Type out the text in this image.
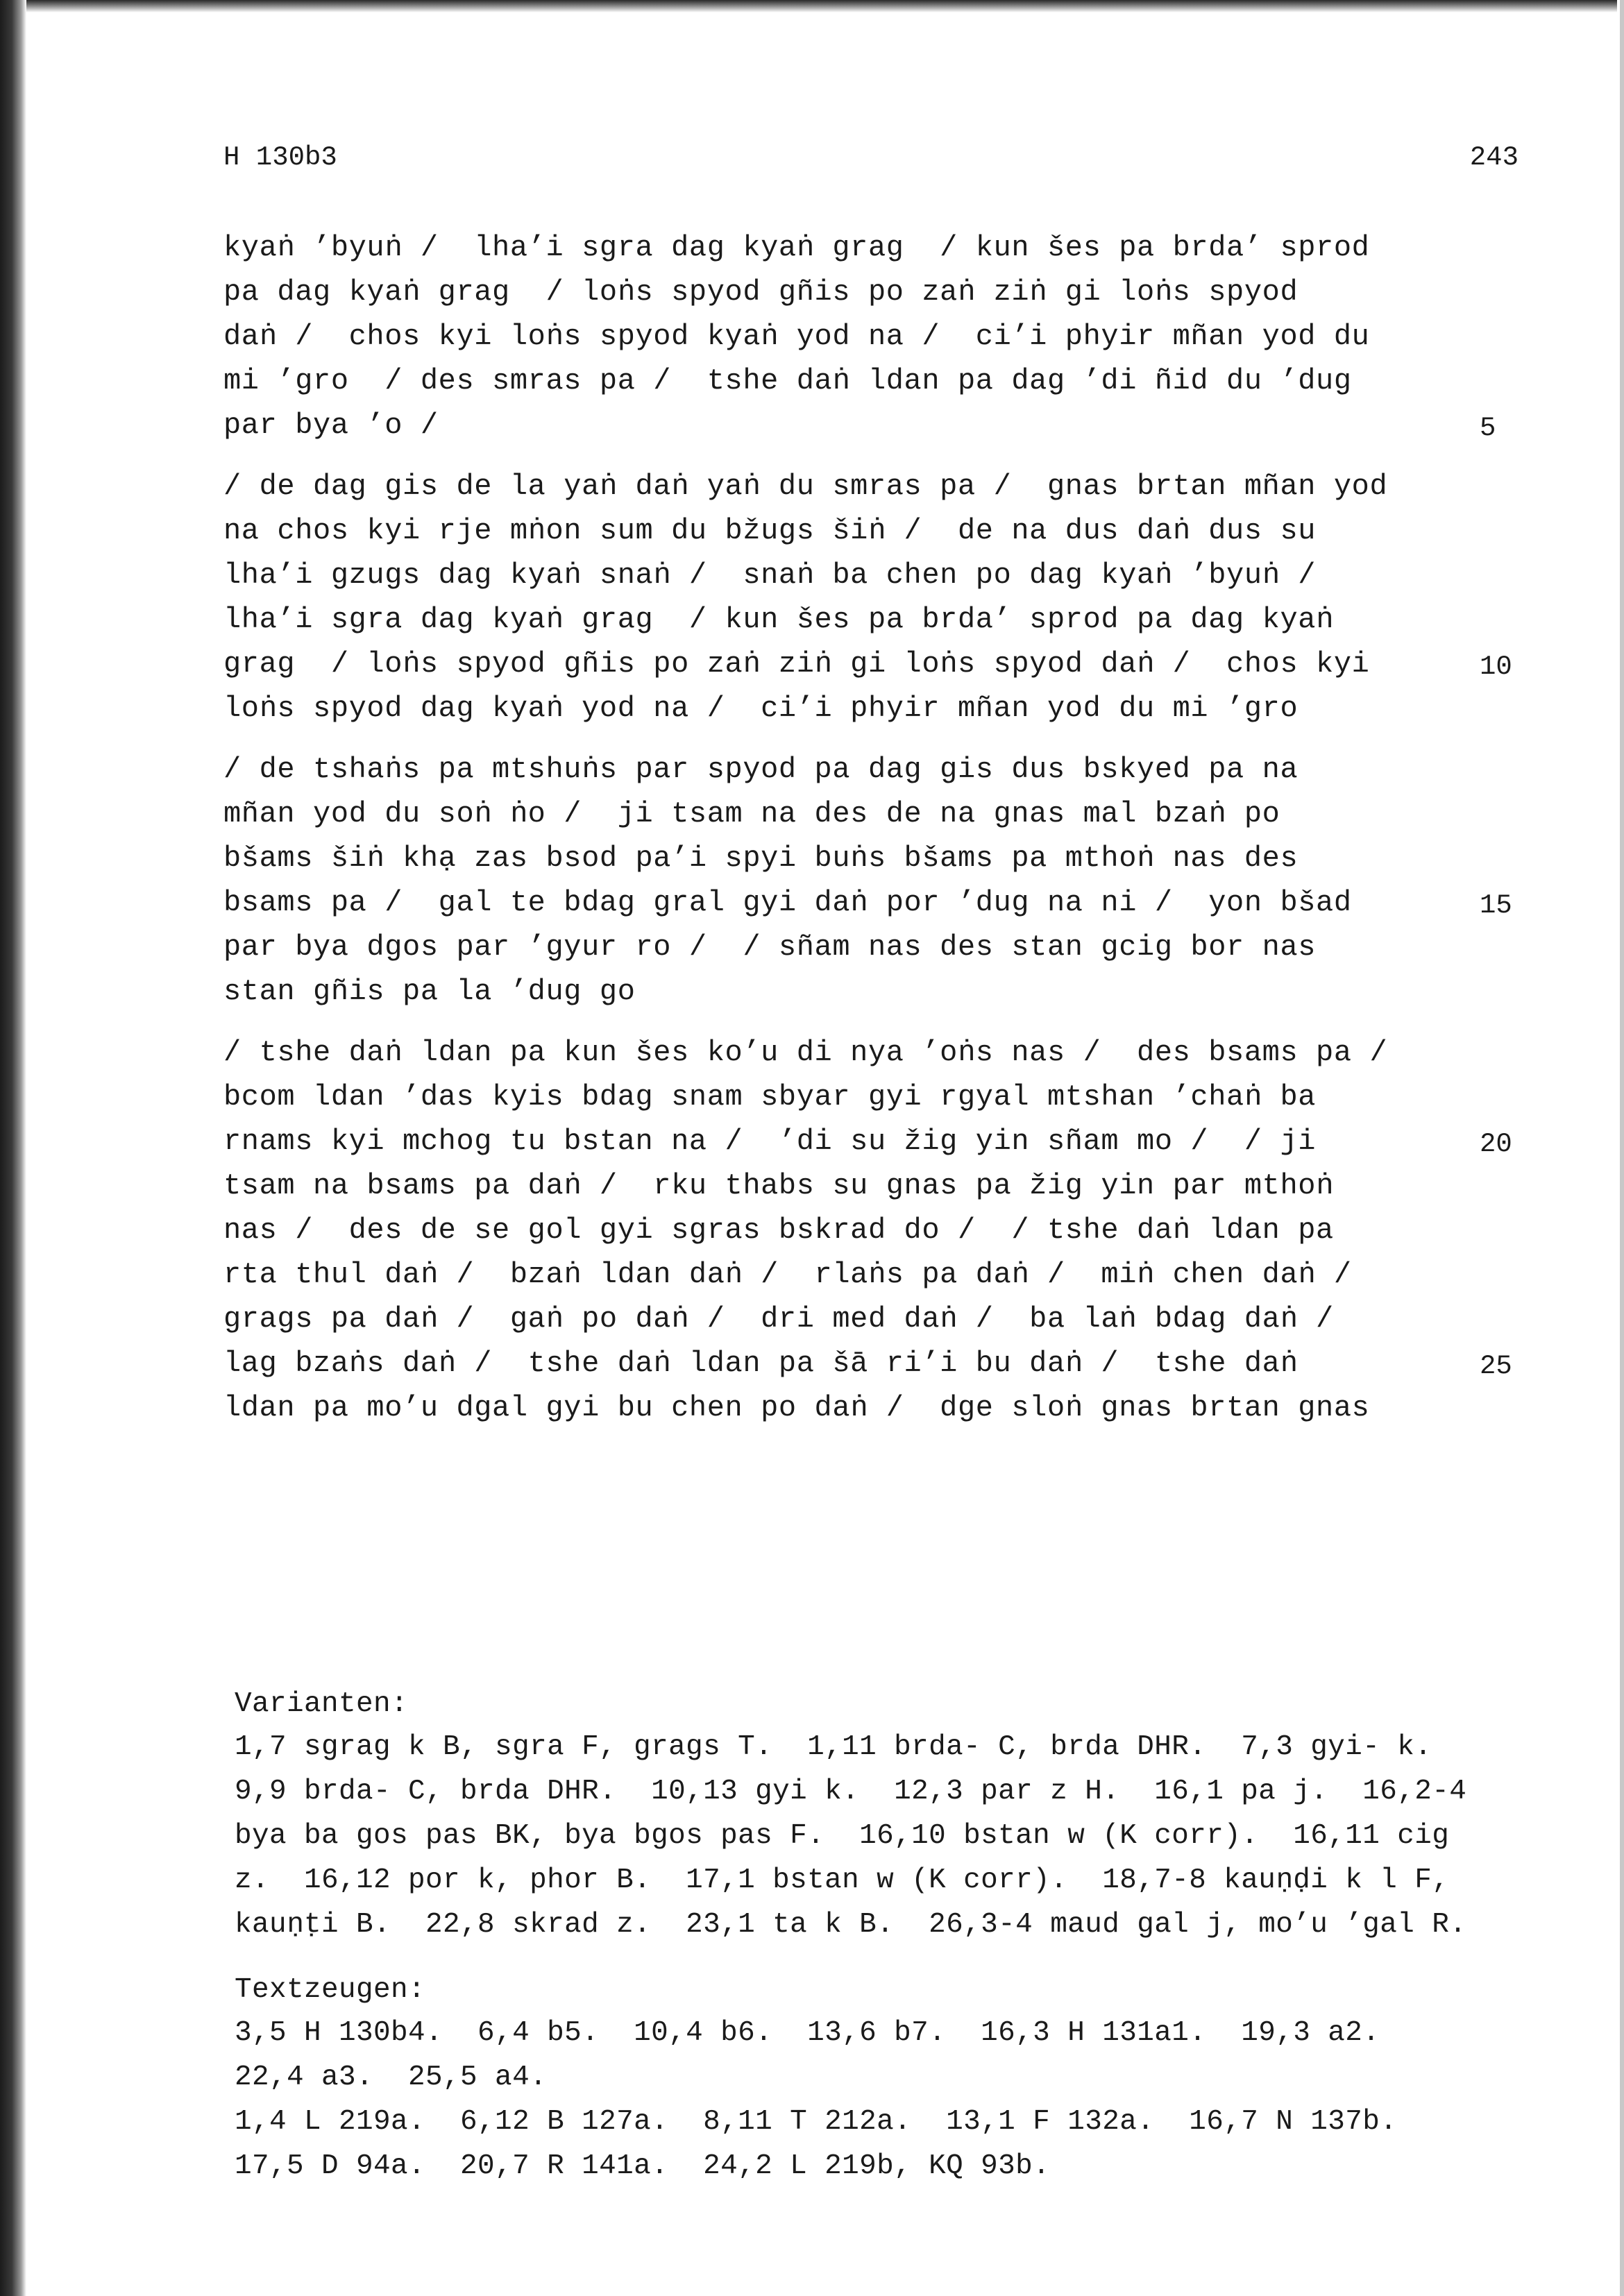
H 130b3	243
kyaṅ ’byuṅ /  lha’i sgra dag kyaṅ grag  / kun šes pa brda’ sprod
pa dag kyaṅ grag  / loṅs spyod gñis po zaṅ ziṅ gi loṅs spyod
daṅ /  chos kyi loṅs spyod kyaṅ yod na /  ci’i phyir mñan yod du
mi ’gro  / des smras pa /  tshe daṅ ldan pa dag ’di ñid du ’dug
par bya ’o /
/ de dag gis de la yaṅ daṅ yaṅ du smras pa /  gnas brtan mñan yod
na chos kyi rje mṅon sum du bžugs šiṅ /  de na dus daṅ dus su
lha’i gzugs dag kyaṅ snaṅ /  snaṅ ba chen po dag kyaṅ ’byuṅ /
lha’i sgra dag kyaṅ grag  / kun šes pa brda’ sprod pa dag kyaṅ
grag  / loṅs spyod gñis po zaṅ ziṅ gi loṅs spyod daṅ /  chos kyi
loṅs spyod dag kyaṅ yod na /  ci’i phyir mñan yod du mi ’gro
/ de tshaṅs pa mtshuṅs par spyod pa dag gis dus bskyed pa na
mñan yod du soṅ ṅo /  ji tsam na des de na gnas mal bzaṅ po
bšams šiṅ khạ zas bsod pa’i spyi buṅs bšams pa mthoṅ nas des
bsams pa /  gal te bdag gral gyi daṅ por ’dug na ni /  yon bšad
par bya dgos par ’gyur ro /  / sñam nas des stan gcig bor nas
stan gñis pa la ’dug go
/ tshe daṅ ldan pa kun šes ko’u di nya ’oṅs nas /  des bsams pa /
bcom ldan ’das kyis bdag snam sbyar gyi rgyal mtshan ’chaṅ ba
rnams kyi mchog tu bstan na /  ’di su žig yin sñam mo /  / ji
tsam na bsams pa daṅ /  rku thabs su gnas pa žig yin par mthoṅ
nas /  des de se gol gyi sgras bskrad do /  / tshe daṅ ldan pa
rta thul daṅ /  bzaṅ ldan daṅ /  rlaṅs pa daṅ /  miṅ chen daṅ /
grags pa daṅ /  gaṅ po daṅ /  dri med daṅ /  ba laṅ bdag daṅ /
lag bzaṅs daṅ /  tshe daṅ ldan pa šā ri’i bu daṅ /  tshe daṅ
ldan pa mo’u dgal gyi bu chen po daṅ /  dge sloṅ gnas brtan gnas
5
10
15
20
25
Varianten:
1,7 sgrag k B, sgra F, grags T.  1,11 brda- C, brda DHR.  7,3 gyi- k.
9,9 brda- C, brda DHR.  10,13 gyi k.  12,3 par z H.  16,1 pa j.  16,2-4
bya ba gos pas BK, bya bgos pas F.  16,10 bstan w (K corr).  16,11 cig
z.  16,12 por k, phor B.  17,1 bstan w (K corr).  18,7-8 kauṇḍi k l F,
kauṇṭi B.  22,8 skrad z.  23,1 ta k B.  26,3-4 maud gal j, mo’u ’gal R.
Textzeugen:
3,5 H 130b4.  6,4 b5.  10,4 b6.  13,6 b7.  16,3 H 131a1.  19,3 a2.
22,4 a3.  25,5 a4.
1,4 L 219a.  6,12 B 127a.  8,11 T 212a.  13,1 F 132a.  16,7 N 137b.
17,5 D 94a.  20,7 R 141a.  24,2 L 219b, KQ 93b.
